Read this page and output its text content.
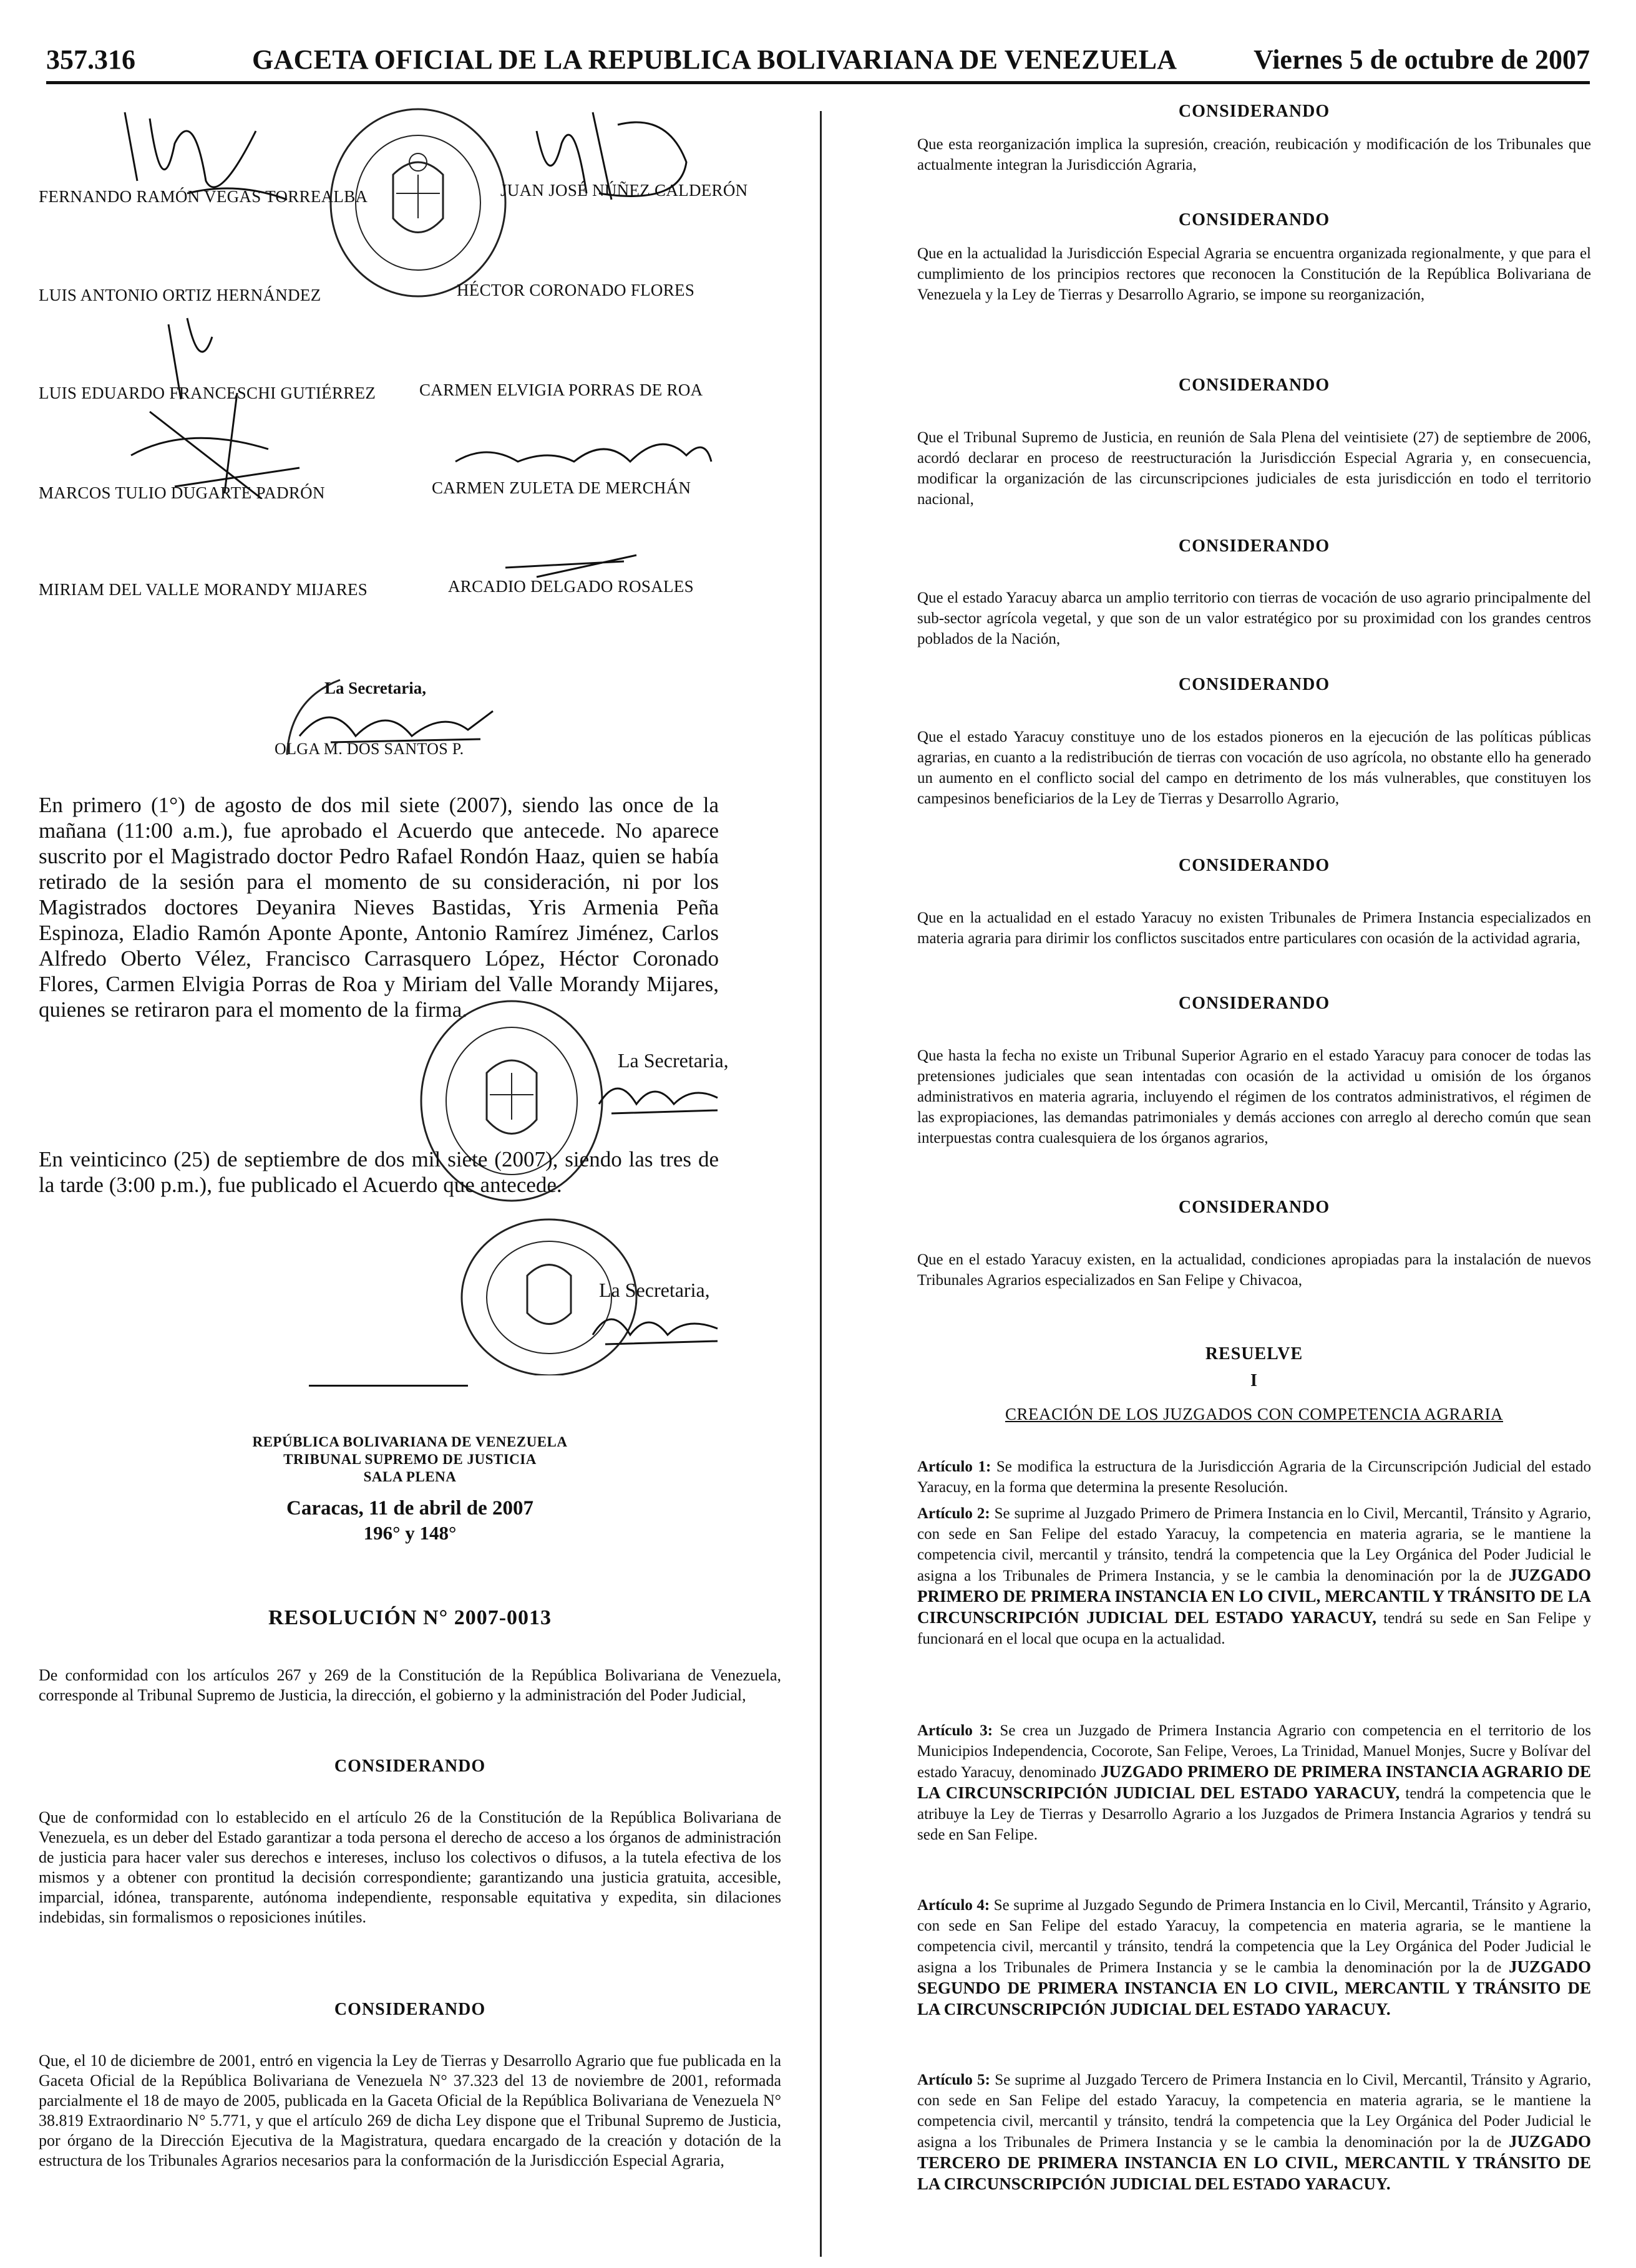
357.316	GACETA OFICIAL DE LA REPUBLICA BOLIVARIANA DE VENEZUELA	Viernes 5 de octubre de 2007
FERNANDO RAMÓN VEGAS TORREALBA	JUAN JOSÉ NÚÑEZ CALDERÓN
LUIS ANTONIO ORTIZ HERNÁNDEZ	HÉCTOR CORONADO FLORES
LUIS EDUARDO FRANCESCHI GUTIÉRREZ	CARMEN ELVIGIA PORRAS DE ROA
MARCOS TULIO DUGARTE PADRÓN	CARMEN ZULETA DE MERCHÁN
MIRIAM DEL VALLE MORANDY MIJARES	ARCADIO DELGADO ROSALES
La Secretaria,
OLGA M. DOS SANTOS P.
En primero (1°) de agosto de dos mil siete (2007), siendo las once de la mañana (11:00 a.m.), fue aprobado el Acuerdo que antecede. No aparece suscrito por el Magistrado doctor Pedro Rafael Rondón Haaz, quien se había retirado de la sesión para el momento de su consideración, ni por los Magistrados doctores Deyanira Nieves Bastidas, Yris Armenia Peña Espinoza, Eladio Ramón Aponte Aponte, Antonio Ramírez Jiménez, Carlos Alfredo Oberto Vélez, Francisco Carrasquero López, Héctor Coronado Flores, Carmen Elvigia Porras de Roa y Miriam del Valle Morandy Mijares, quienes se retiraron para el momento de la firma.
La Secretaria,
En veinticinco (25) de septiembre de dos mil siete (2007), siendo las tres de la tarde (3:00 p.m.), fue publicado el Acuerdo que antecede.
La Secretaria,
REPÚBLICA BOLIVARIANA DE VENEZUELA
TRIBUNAL SUPREMO DE JUSTICIA
SALA PLENA
Caracas, 11 de abril de 2007
196° y 148°
RESOLUCIÓN N° 2007-0013
De conformidad con los artículos 267 y 269 de la Constitución de la República Bolivariana de Venezuela, corresponde al Tribunal Supremo de Justicia, la dirección, el gobierno y la administración del Poder Judicial,
CONSIDERANDO
Que de conformidad con lo establecido en el artículo 26 de la Constitución de la República Bolivariana de Venezuela, es un deber del Estado garantizar a toda persona el derecho de acceso a los órganos de administración de justicia para hacer valer sus derechos e intereses, incluso los colectivos o difusos, a la tutela efectiva de los mismos y a obtener con prontitud la decisión correspondiente; garantizando una justicia gratuita, accesible, imparcial, idónea, transparente, autónoma independiente, responsable equitativa y expedita, sin dilaciones indebidas, sin formalismos o reposiciones inútiles.
CONSIDERANDO
Que, el 10 de diciembre de 2001, entró en vigencia la Ley de Tierras y Desarrollo Agrario que fue publicada en la Gaceta Oficial de la República Bolivariana de Venezuela N° 37.323 del 13 de noviembre de 2001, reformada parcialmente el 18 de mayo de 2005, publicada en la Gaceta Oficial de la República Bolivariana de Venezuela N° 38.819 Extraordinario N° 5.771, y que el artículo 269 de dicha Ley dispone que el Tribunal Supremo de Justicia, por órgano de la Dirección Ejecutiva de la Magistratura, quedara encargado de la creación y dotación de la estructura de los Tribunales Agrarios necesarios para la conformación de la Jurisdicción Especial Agraria,
CONSIDERANDO
Que esta reorganización implica la supresión, creación, reubicación y modificación de los Tribunales que actualmente integran la Jurisdicción Agraria,
CONSIDERANDO
Que en la actualidad la Jurisdicción Especial Agraria se encuentra organizada regionalmente, y que para el cumplimiento de los principios rectores que reconocen la Constitución de la República Bolivariana de Venezuela y la Ley de Tierras y Desarrollo Agrario, se impone su reorganización,
CONSIDERANDO
Que el Tribunal Supremo de Justicia, en reunión de Sala Plena del veintisiete (27) de septiembre de 2006, acordó declarar en proceso de reestructuración la Jurisdicción Especial Agraria y, en consecuencia, modificar la organización de las circunscripciones judiciales de esta jurisdicción en todo el territorio nacional,
CONSIDERANDO
Que el estado Yaracuy abarca un amplio territorio con tierras de vocación de uso agrario principalmente del sub-sector agrícola vegetal, y que son de un valor estratégico por su proximidad con los grandes centros poblados de la Nación,
CONSIDERANDO
Que el estado Yaracuy constituye uno de los estados pioneros en la ejecución de las políticas públicas agrarias, en cuanto a la redistribución de tierras con vocación de uso agrícola, no obstante ello ha generado un aumento en el conflicto social del campo en detrimento de los más vulnerables, que constituyen los campesinos beneficiarios de la Ley de Tierras y Desarrollo Agrario,
CONSIDERANDO
Que en la actualidad en el estado Yaracuy no existen Tribunales de Primera Instancia especializados en materia agraria para dirimir los conflictos suscitados entre particulares con ocasión de la actividad agraria,
CONSIDERANDO
Que hasta la fecha no existe un Tribunal Superior Agrario en el estado Yaracuy para conocer de todas las pretensiones judiciales que sean intentadas con ocasión de la actividad u omisión de los órganos administrativos en materia agraria, incluyendo el régimen de los contratos administrativos, el régimen de las expropiaciones, las demandas patrimoniales y demás acciones con arreglo al derecho común que sean interpuestas contra cualesquiera de los órganos agrarios,
CONSIDERANDO
Que en el estado Yaracuy existen, en la actualidad, condiciones apropiadas para la instalación de nuevos Tribunales Agrarios especializados en San Felipe y Chivacoa,
RESUELVE
I
CREACIÓN DE LOS JUZGADOS CON COMPETENCIA AGRARIA
Artículo 1: Se modifica la estructura de la Jurisdicción Agraria de la Circunscripción Judicial del estado Yaracuy, en la forma que determina la presente Resolución.
Artículo 2: Se suprime al Juzgado Primero de Primera Instancia en lo Civil, Mercantil, Tránsito y Agrario, con sede en San Felipe del estado Yaracuy, la competencia en materia agraria, se le mantiene la competencia civil, mercantil y tránsito, tendrá la competencia que la Ley Orgánica del Poder Judicial le asigna a los Tribunales de Primera Instancia, y se le cambia la denominación por la de JUZGADO PRIMERO DE PRIMERA INSTANCIA EN LO CIVIL, MERCANTIL Y TRÁNSITO DE LA CIRCUNSCRIPCIÓN JUDICIAL DEL ESTADO YARACUY, tendrá su sede en San Felipe y funcionará en el local que ocupa en la actualidad.
Artículo 3: Se crea un Juzgado de Primera Instancia Agrario con competencia en el territorio de los Municipios Independencia, Cocorote, San Felipe, Veroes, La Trinidad, Manuel Monjes, Sucre y Bolívar del estado Yaracuy, denominado JUZGADO PRIMERO DE PRIMERA INSTANCIA AGRARIO DE LA CIRCUNSCRIPCIÓN JUDICIAL DEL ESTADO YARACUY, tendrá la competencia que le atribuye la Ley de Tierras y Desarrollo Agrario a los Juzgados de Primera Instancia Agrarios y tendrá su sede en San Felipe.
Artículo 4: Se suprime al Juzgado Segundo de Primera Instancia en lo Civil, Mercantil, Tránsito y Agrario, con sede en San Felipe del estado Yaracuy, la competencia en materia agraria, se le mantiene la competencia civil, mercantil y tránsito, tendrá la competencia que la Ley Orgánica del Poder Judicial le asigna a los Tribunales de Primera Instancia y se le cambia la denominación por la de JUZGADO SEGUNDO DE PRIMERA INSTANCIA EN LO CIVIL, MERCANTIL Y TRÁNSITO DE LA CIRCUNSCRIPCIÓN JUDICIAL DEL ESTADO YARACUY.
Artículo 5: Se suprime al Juzgado Tercero de Primera Instancia en lo Civil, Mercantil, Tránsito y Agrario, con sede en San Felipe del estado Yaracuy, la competencia en materia agraria, se le mantiene la competencia civil, mercantil y tránsito, tendrá la competencia que la Ley Orgánica del Poder Judicial le asigna a los Tribunales de Primera Instancia y se le cambia la denominación por la de JUZGADO TERCERO DE PRIMERA INSTANCIA EN LO CIVIL, MERCANTIL Y TRÁNSITO DE LA CIRCUNSCRIPCIÓN JUDICIAL DEL ESTADO YARACUY.
